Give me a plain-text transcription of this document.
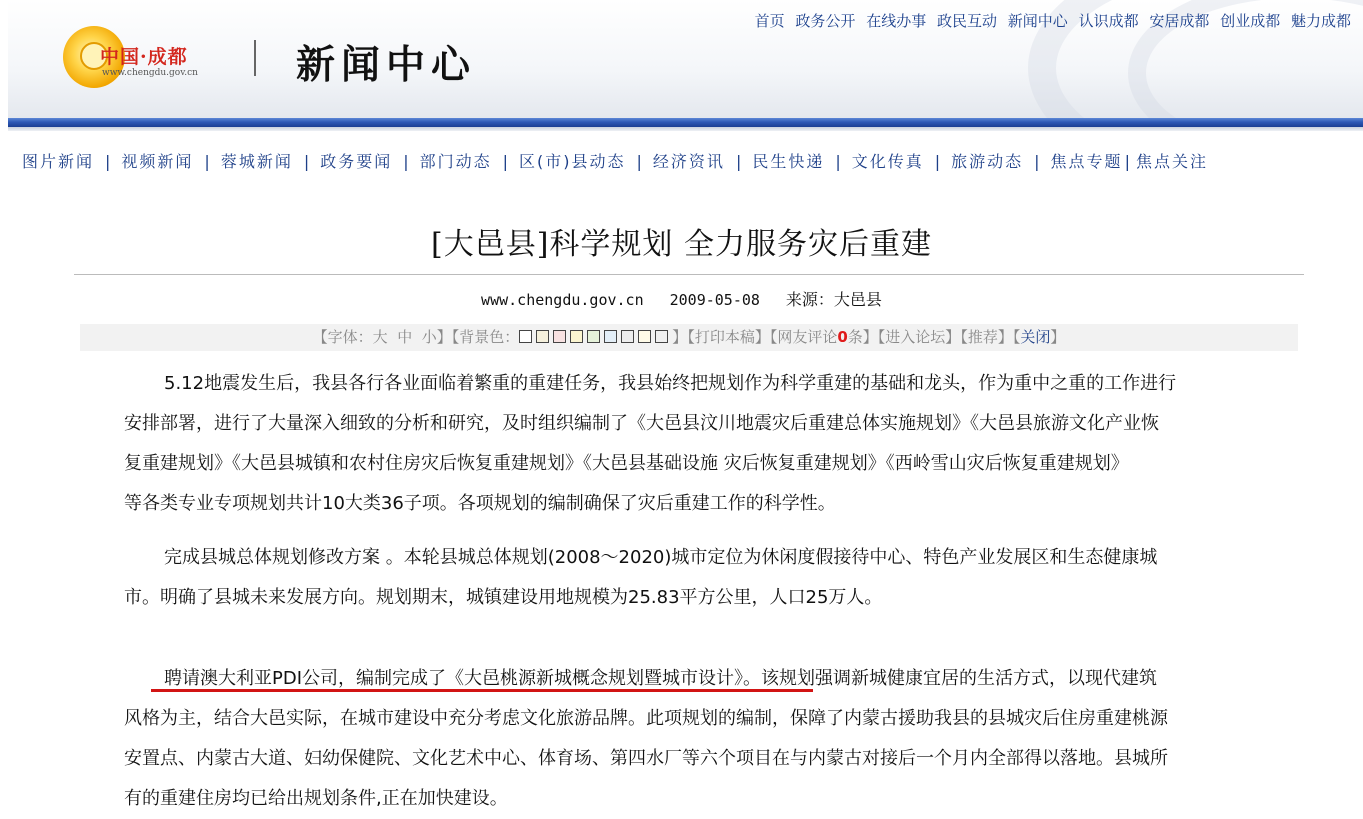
中国·成都
www.chengdu.gov.cn	新闻中心
首页 政务公开 在线办事 政民互动 新闻中心 认识成都 安居成都 创业成都 魅力成都
图片新闻 | 视频新闻 | 蓉城新闻 | 政务要闻 | 部门动态 | 区(市)县动态 | 经济资讯 | 民生快递 | 文化传真 | 旅游动态 | 焦点专题 | 焦点关注
[大邑县]科学规划 全力服务灾后重建
www.chengdu.gov.cn 2009-05-08 来源：大邑县
【字体：大 中 小】【背景色：	】【打印本稿】【网友评论0条】【进入论坛】【推荐】【关闭】
5.12地震发生后，我县各行各业面临着繁重的重建任务，我县始终把规划作为科学重建的基础和龙头，作为重中之重的工作进行
安排部署，进行了大量深入细致的分析和研究，及时组织编制了《大邑县汶川地震灾后重建总体实施规划》《大邑县旅游文化产业恢
复重建规划》《大邑县城镇和农村住房灾后恢复重建规划》《大邑县基础设施 灾后恢复重建规划》《西岭雪山灾后恢复重建规划》
等各类专业专项规划共计10大类36子项。各项规划的编制确保了灾后重建工作的科学性。
完成县城总体规划修改方案 。本轮县城总体规划(2008～2020)城市定位为休闲度假接待中心、特色产业发展区和生态健康城
市。明确了县城未来发展方向。规划期末，城镇建设用地规模为25.83平方公里，人口25万人。
聘请澳大利亚PDI公司，编制完成了《大邑桃源新城概念规划暨城市设计》。该规划强调新城健康宜居的生活方式，以现代建筑
风格为主，结合大邑实际，在城市建设中充分考虑文化旅游品牌。此项规划的编制，保障了内蒙古援助我县的县城灾后住房重建桃源
安置点、内蒙古大道、妇幼保健院、文化艺术中心、体育场、第四水厂等六个项目在与内蒙古对接后一个月内全部得以落地。县城所
有的重建住房均已给出规划条件,正在加快建设。
